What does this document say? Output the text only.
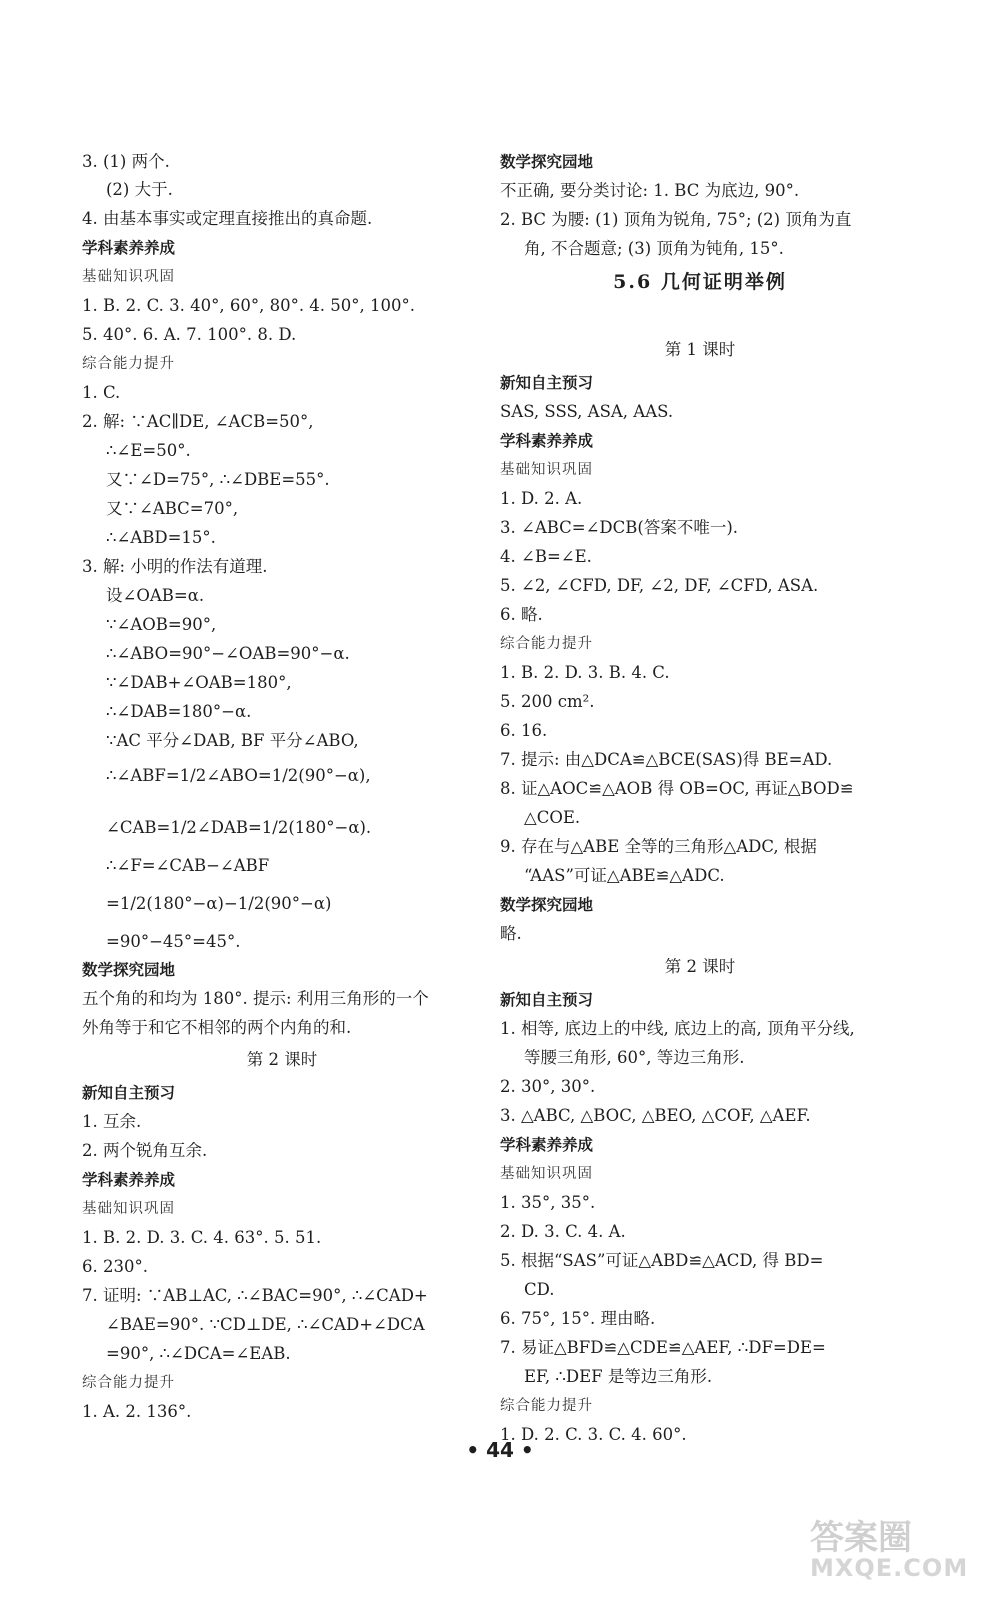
3. (1) 两个.
(2) 大于.
4. 由基本事实或定理直接推出的真命题.
学科素养养成
基础知识巩固
1. B. 2. C. 3. 40°, 60°, 80°. 4. 50°, 100°.
5. 40°. 6. A. 7. 100°. 8. D.
综合能力提升
1. C.
2. 解: ∵AC∥DE, ∠ACB=50°,
∴∠E=50°.
又∵∠D=75°, ∴∠DBE=55°.
又∵∠ABC=70°,
∴∠ABD=15°.
3. 解: 小明的作法有道理.
设∠OAB=α.
∵∠AOB=90°,
∴∠ABO=90°−∠OAB=90°−α.
∵∠DAB+∠OAB=180°,
∴∠DAB=180°−α.
∵AC 平分∠DAB, BF 平分∠ABO,
∴∠ABF=1/2∠ABO=1/2(90°−α),
∠CAB=1/2∠DAB=1/2(180°−α).
∴∠F=∠CAB−∠ABF
=1/2(180°−α)−1/2(90°−α)
=90°−45°=45°.
数学探究园地
五个角的和均为 180°. 提示: 利用三角形的一个
外角等于和它不相邻的两个内角的和.
第 2 课时
新知自主预习
1. 互余.
2. 两个锐角互余.
学科素养养成
基础知识巩固
1. B. 2. D. 3. C. 4. 63°. 5. 51.
6. 230°.
7. 证明: ∵AB⊥AC, ∴∠BAC=90°, ∴∠CAD+
∠BAE=90°. ∵CD⊥DE, ∴∠CAD+∠DCA
=90°, ∴∠DCA=∠EAB.
综合能力提升
1. A. 2. 136°.
数学探究园地
不正确, 要分类讨论: 1. BC 为底边, 90°.
2. BC 为腰: (1) 顶角为锐角, 75°; (2) 顶角为直
角, 不合题意; (3) 顶角为钝角, 15°.
5.6 几何证明举例
第 1 课时
新知自主预习
SAS, SSS, ASA, AAS.
学科素养养成
基础知识巩固
1. D. 2. A.
3. ∠ABC=∠DCB(答案不唯一).
4. ∠B=∠E.
5. ∠2, ∠CFD, DF, ∠2, DF, ∠CFD, ASA.
6. 略.
综合能力提升
1. B. 2. D. 3. B. 4. C.
5. 200 cm².
6. 16.
7. 提示: 由△DCA≌△BCE(SAS)得 BE=AD.
8. 证△AOC≌△AOB 得 OB=OC, 再证△BOD≌
△COE.
9. 存在与△ABE 全等的三角形△ADC, 根据
“AAS”可证△ABE≌△ADC.
数学探究园地
略.
第 2 课时
新知自主预习
1. 相等, 底边上的中线, 底边上的高, 顶角平分线,
等腰三角形, 60°, 等边三角形.
2. 30°, 30°.
3. △ABC, △BOC, △BEO, △COF, △AEF.
学科素养养成
基础知识巩固
1. 35°, 35°.
2. D. 3. C. 4. A.
5. 根据“SAS”可证△ABD≌△ACD, 得 BD=
CD.
6. 75°, 15°. 理由略.
7. 易证△BFD≌△CDE≌△AEF, ∴DF=DE=
EF, ∴DEF 是等边三角形.
综合能力提升
1. D. 2. C. 3. C. 4. 60°.
• 44 •
答案圈
MXQE.COM
